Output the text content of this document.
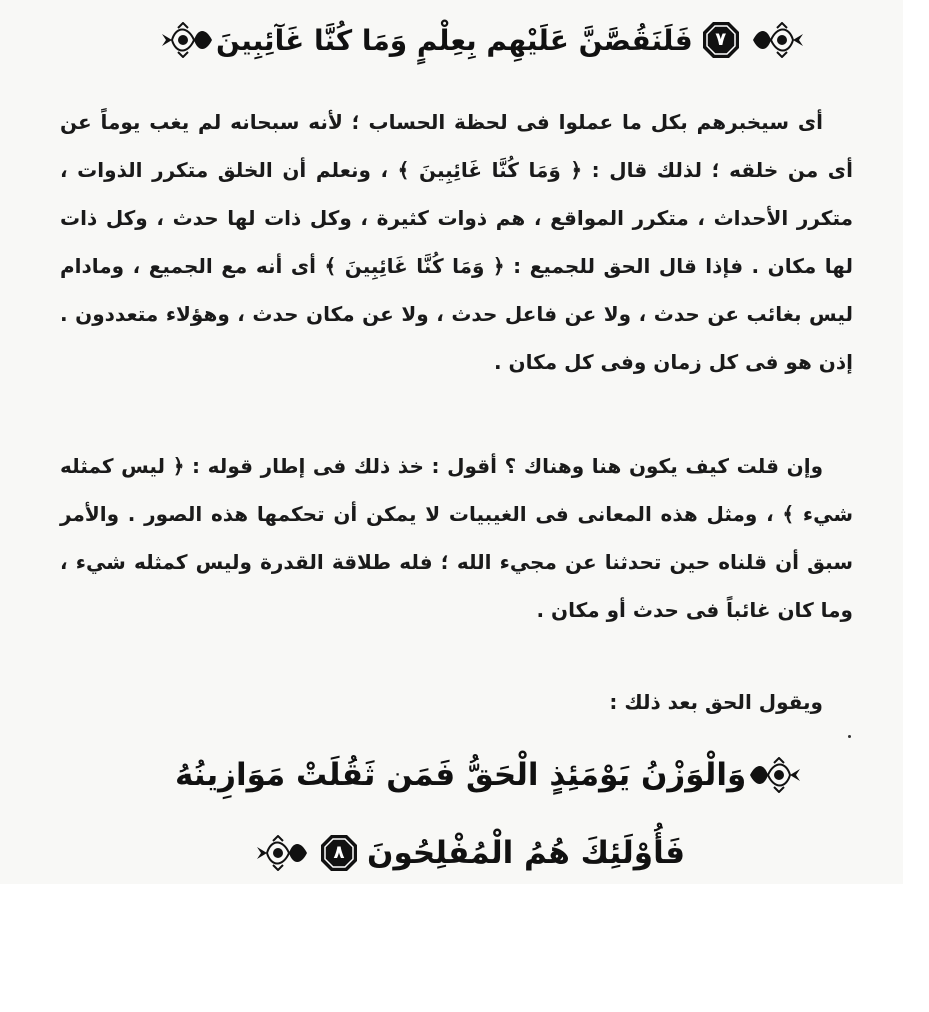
٧
فَلَنَقُصَّنَّ عَلَيْهِم بِعِلْمٍ وَمَا كُنَّا غَآئِبِينَ

أى سيخبرهم بكل ما عملوا فى لحظة الحساب ؛ لأنه سبحانه لم يغب يوماً عن أى من خلقه ؛ لذلك قال : ﴿ وَمَا كُنَّا غَائِبِينَ ﴾ ، ونعلم أن الخلق متكرر الذوات ، متكرر الأحداث ، متكرر المواقع ، هم ذوات كثيرة ، وكل ذات لها حدث ، وكل ذات لها مكان . فإذا قال الحق للجميع : ﴿ وَمَا كُنَّا غَائِبِينَ ﴾ أى أنه مع الجميع ، ومادام ليس بغائب عن حدث ، ولا عن فاعل حدث ، ولا عن مكان حدث ، وهؤلاء متعددون . إذن هو فى كل زمان وفى كل مكان .

وإن قلت كيف يكون هنا وهناك ؟ أقول : خذ ذلك فى إطار قوله : ﴿ ليس كمثله شيء ﴾ ، ومثل هذه المعانى فى الغيبيات لا يمكن أن تحكمها هذه الصور . والأمر سبق أن قلناه حين تحدثنا عن مجيء الله ؛ فله طلاقة القدرة وليس كمثله شيء ، وما كان غائباً فى حدث أو مكان .

ويقول الحق بعد ذلك :

وَالْوَزْنُ يَوْمَئِذٍ الْحَقُّ فَمَن ثَقُلَتْ مَوَازِينُهُ
فَأُوْلَئِكَ هُمُ الْمُفْلِحُونَ
٨
